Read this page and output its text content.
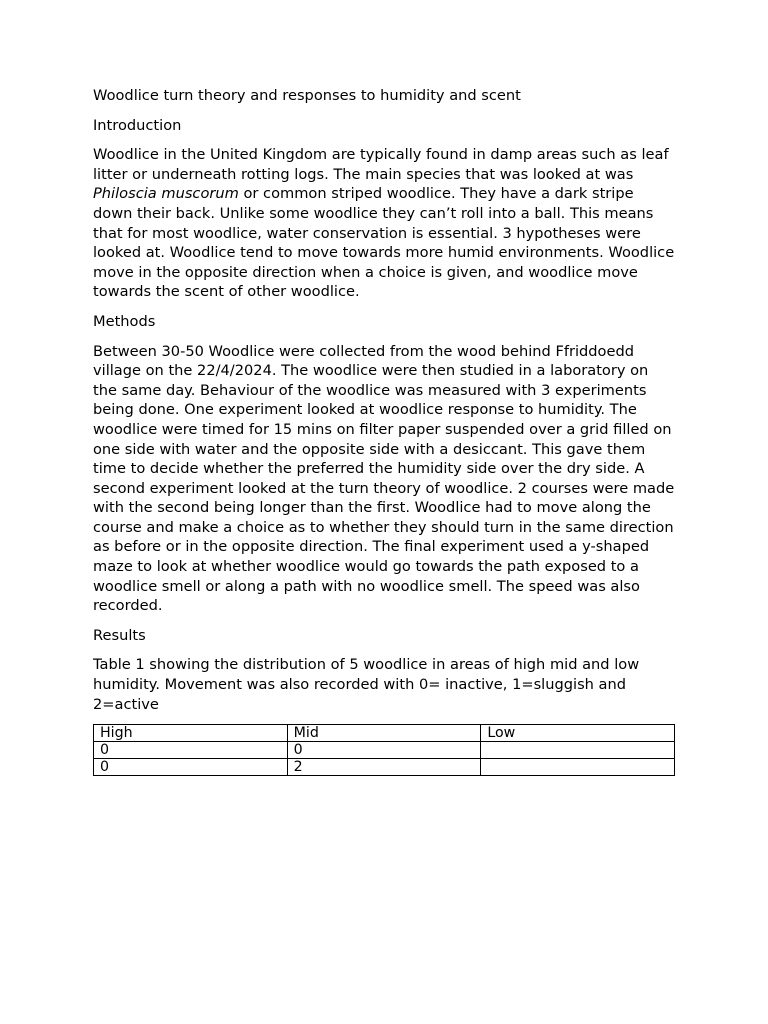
Woodlice turn theory and responses to humidity and scent

Introduction

Woodlice in the United Kingdom are typically found in damp areas such as leaf litter or underneath rotting logs. The main species that was looked at was Philoscia muscorum or common striped woodlice. They have a dark stripe down their back. Unlike some woodlice they can’t roll into a ball. This means that for most woodlice, water conservation is essential. 3 hypotheses were looked at. Woodlice tend to move towards more humid environments. Woodlice move in the opposite direction when a choice is given, and woodlice move towards the scent of other woodlice.

Methods

Between 30-50 Woodlice were collected from the wood behind Ffriddoedd village on the 22/4/2024. The woodlice were then studied in a laboratory on the same day. Behaviour of the woodlice was measured with 3 experiments being done. One experiment looked at woodlice response to humidity. The woodlice were timed for 15 mins on filter paper suspended over a grid filled on one side with water and the opposite side with a desiccant. This gave them time to decide whether the preferred the humidity side over the dry side. A second experiment looked at the turn theory of woodlice. 2 courses were made with the second being longer than the first. Woodlice had to move along the course and make a choice as to whether they should turn in the same direction as before or in the opposite direction. The final experiment used a y-shaped maze to look at whether woodlice would go towards the path exposed to a woodlice smell or along a path with no woodlice smell. The speed was also recorded.

Results

Table 1 showing the distribution of 5 woodlice in areas of high mid and low humidity. Movement was also recorded with 0= inactive, 1=sluggish and 2=active

High	Mid	Low
0	0	
0	2	
